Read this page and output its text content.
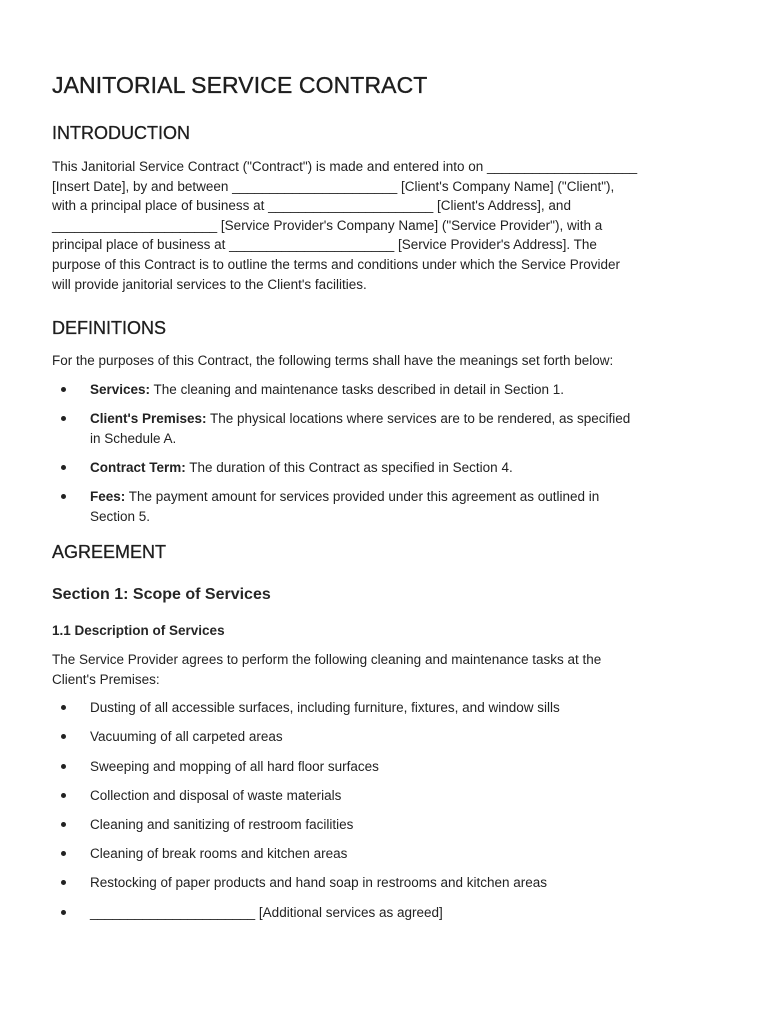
JANITORIAL SERVICE CONTRACT
INTRODUCTION

This Janitorial Service Contract ("Contract") is made and entered into on ____________________
[Insert Date], by and between ______________________ [Client's Company Name] ("Client"),
with a principal place of business at ______________________ [Client's Address], and
______________________ [Service Provider's Company Name] ("Service Provider"), with a
principal place of business at ______________________ [Service Provider's Address]. The
purpose of this Contract is to outline the terms and conditions under which the Service Provider
will provide janitorial services to the Client's facilities.

DEFINITIONS

For the purposes of this Contract, the following terms shall have the meanings set forth below:

Services: The cleaning and maintenance tasks described in detail in Section 1.
Client's Premises: The physical locations where services are to be rendered, as specified
in Schedule A.
Contract Term: The duration of this Contract as specified in Section 4.
Fees: The payment amount for services provided under this agreement as outlined in
Section 5.
AGREEMENT
Section 1: Scope of Services
1.1 Description of Services

The Service Provider agrees to perform the following cleaning and maintenance tasks at the
Client's Premises:

Dusting of all accessible surfaces, including furniture, fixtures, and window sills
Vacuuming of all carpeted areas
Sweeping and mopping of all hard floor surfaces
Collection and disposal of waste materials
Cleaning and sanitizing of restroom facilities
Cleaning of break rooms and kitchen areas
Restocking of paper products and hand soap in restrooms and kitchen areas
______________________ [Additional services as agreed]
